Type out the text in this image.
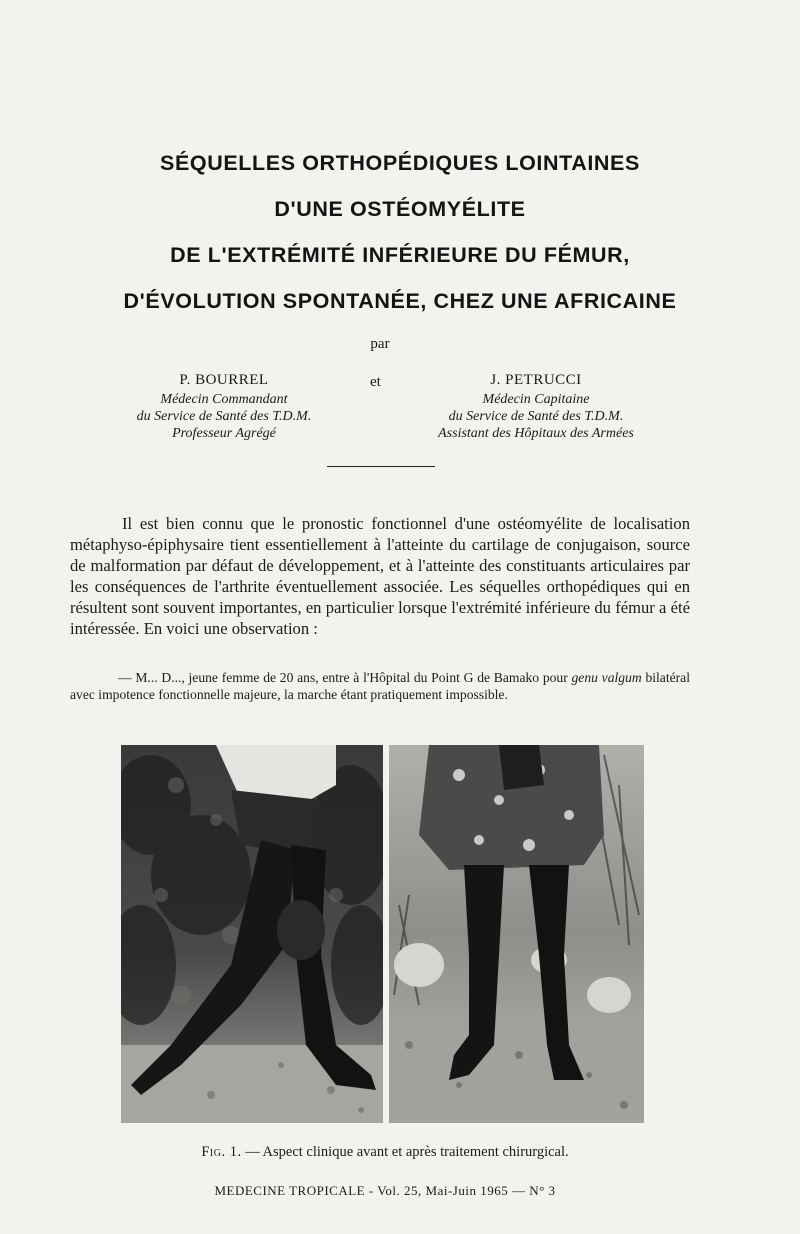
SÉQUELLES ORTHOPÉDIQUES LOINTAINES
D'UNE OSTÉOMYÉLITE
DE L'EXTRÉMITÉ INFÉRIEURE DU FÉMUR,
D'ÉVOLUTION SPONTANÉE, CHEZ UNE AFRICAINE
par
P. BOURREL
Médecin Commandant
du Service de Santé des T.D.M.
Professeur Agrégé
et	J. PETRUCCI
Médecin Capitaine
du Service de Santé des T.D.M.
Assistant des Hôpitaux des Armées

Il est bien connu que le pronostic fonctionnel d'une ostéomyélite de localisation métaphyso-épiphysaire tient essentiellement à l'atteinte du cartilage de conjugaison, source de malformation par défaut de développement, et à l'atteinte des constituants articulaires par les conséquences de l'arthrite éventuellement associée. Les séquelles orthopédiques qui en résultent sont souvent importantes, en particulier lorsque l'extrémité inférieure du fémur a été intéressée. En voici une observation :

— M... D..., jeune femme de 20 ans, entre à l'Hôpital du Point G de Bamako pour genu valgum bilatéral avec impotence fonctionnelle majeure, la marche étant pratiquement impossible.

Fig. 1. — Aspect clinique avant et après traitement chirurgical.
MEDECINE TROPICALE - Vol. 25, Mai-Juin 1965 — N° 3
